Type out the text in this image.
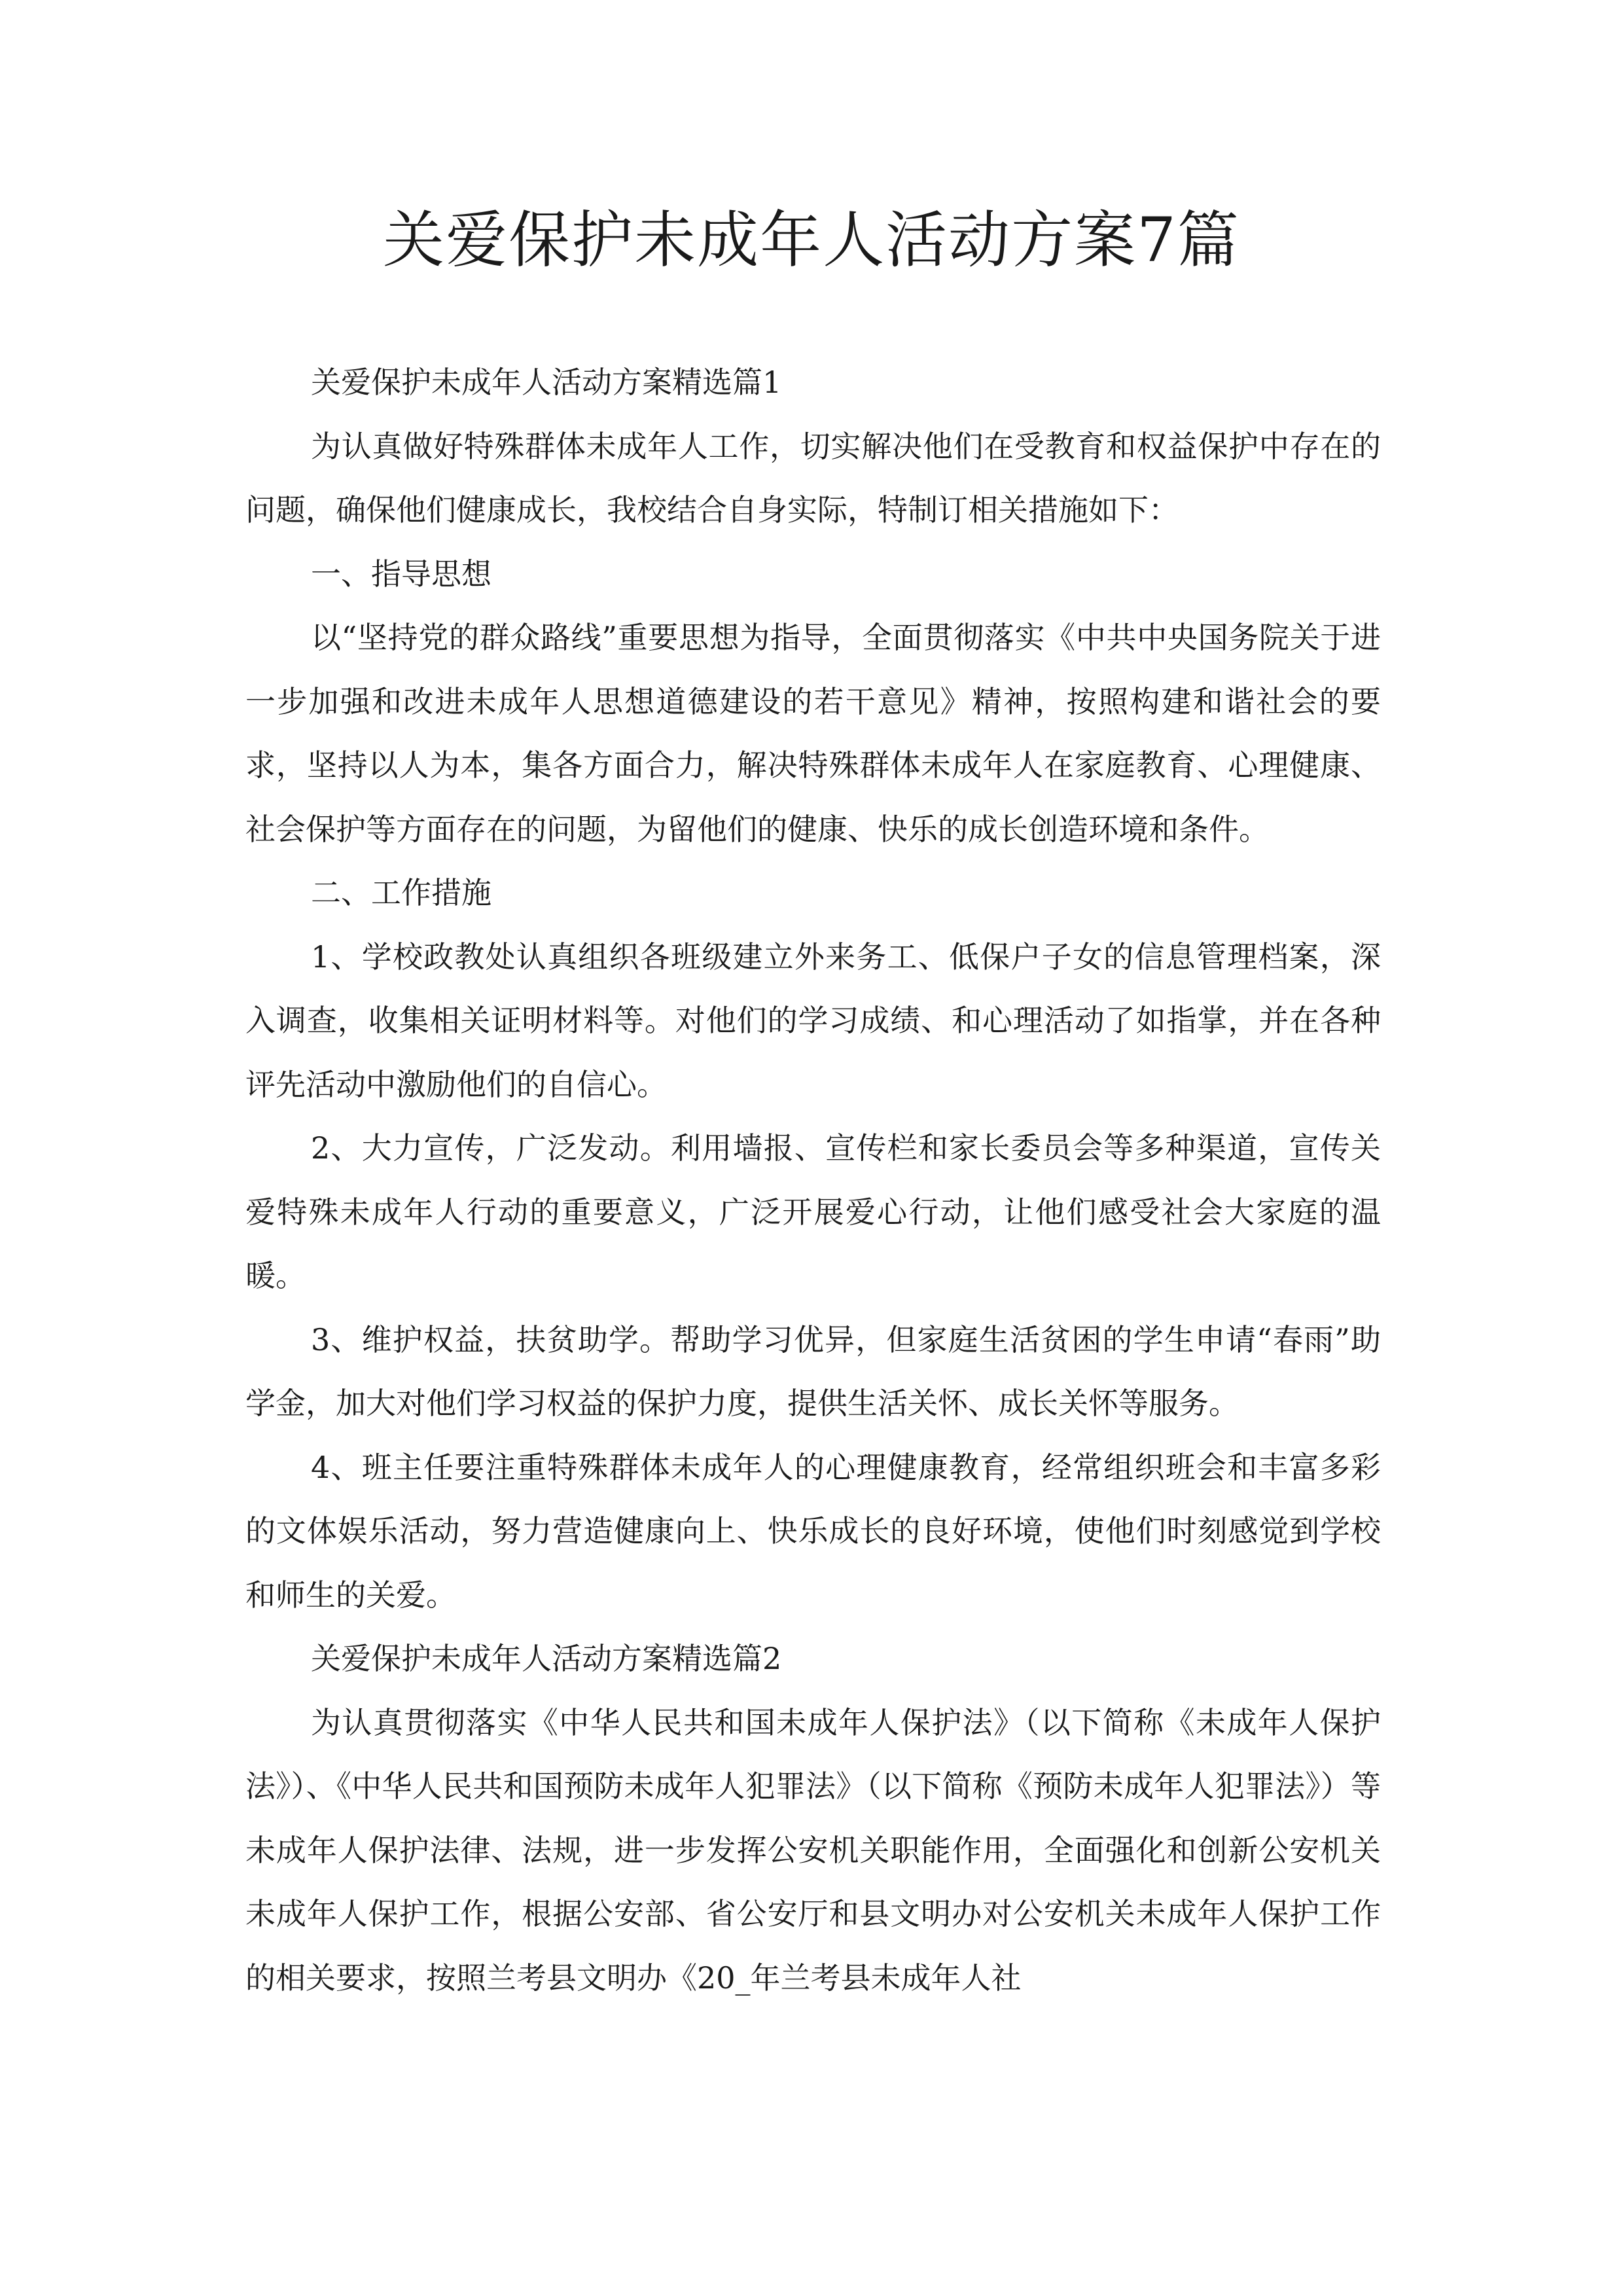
关爱保护未成年人活动方案7篇

关爱保护未成年人活动方案精选篇1

为认真做好特殊群体未成年人工作，切实解决他们在受教育和权益保护中存在的问题，确保他们健康成长，我校结合自身实际，特制订相关措施如下：

一、指导思想

以“坚持党的群众路线”重要思想为指导，全面贯彻落实《中共中央国务院关于进一步加强和改进未成年人思想道德建设的若干意见》精神，按照构建和谐社会的要求，坚持以人为本，集各方面合力，解决特殊群体未成年人在家庭教育、心理健康、社会保护等方面存在的问题，为留他们的健康、快乐的成长创造环境和条件。

二、工作措施

1、学校政教处认真组织各班级建立外来务工、低保户子女的信息管理档案，深入调查，收集相关证明材料等。对他们的学习成绩、和心理活动了如指掌，并在各种评先活动中激励他们的自信心。

2、大力宣传，广泛发动。利用墙报、宣传栏和家长委员会等多种渠道，宣传关爱特殊未成年人行动的重要意义，广泛开展爱心行动，让他们感受社会大家庭的温暖。

3、维护权益，扶贫助学。帮助学习优异，但家庭生活贫困的学生申请“春雨”助学金，加大对他们学习权益的保护力度，提供生活关怀、成长关怀等服务。

4、班主任要注重特殊群体未成年人的心理健康教育，经常组织班会和丰富多彩的文体娱乐活动，努力营造健康向上、快乐成长的良好环境，使他们时刻感觉到学校和师生的关爱。

关爱保护未成年人活动方案精选篇2

为认真贯彻落实《中华人民共和国未成年人保护法》（以下简称《未成年人保护法》）、《中华人民共和国预防未成年人犯罪法》（以下简称《预防未成年人犯罪法》）等未成年人保护法律、法规，进一步发挥公安机关职能作用，全面强化和创新公安机关未成年人保护工作，根据公安部、省公安厅和县文明办对公安机关未成年人保护工作的相关要求，按照兰考县文明办《20_年兰考县未成年人社
